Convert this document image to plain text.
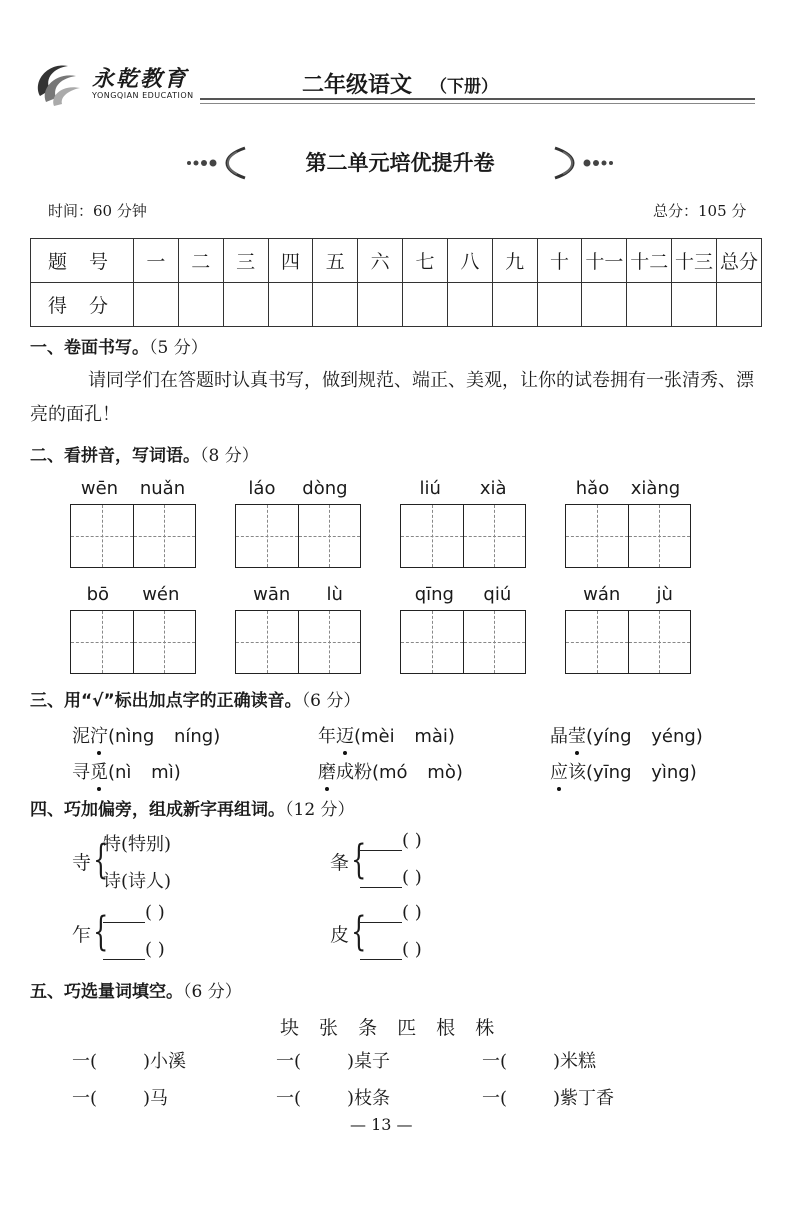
永乾教育
YONGQIAN EDUCATION	二年级语文 （下册）
第二单元培优提升卷
时间：60 分钟	总分：105 分
题 号	一	二	三	四	五	六	七	八	九	十	十一	十二	十三	总分
得 分														
一、卷面书写。（5 分）
请同学们在答题时认真书写，做到规范、端正、美观，让你的试卷拥有一张清秀、漂亮的面孔！
二、看拼音，写词语。（8 分）
wēn nuǎn	láo dòng	liú xià	hǎo xiàng
bō wén	wān lù	qīng qiú	wán jù
三、用“√”标出加点字的正确读音。（6 分）
泥泞(nìng níng)	年迈(mèi mài)	晶莹(yíng yéng)
寻觅(nì mì)	磨成粉(mó mò)	应该(yīng yìng)
四、巧加偏旁，组成新字再组词。（12 分）
寺 {
特(特别)
诗(诗人)
夆 {	( )
( )
乍 {	( )
( )
皮 {	( )
( )
五、巧选量词填空。（6 分）
块 张 条 匹 根 株
一(	)小溪	一(	)桌子	一(	)米糕
一(	)马	一(	)枝条	一(	)紫丁香
— 13 —
